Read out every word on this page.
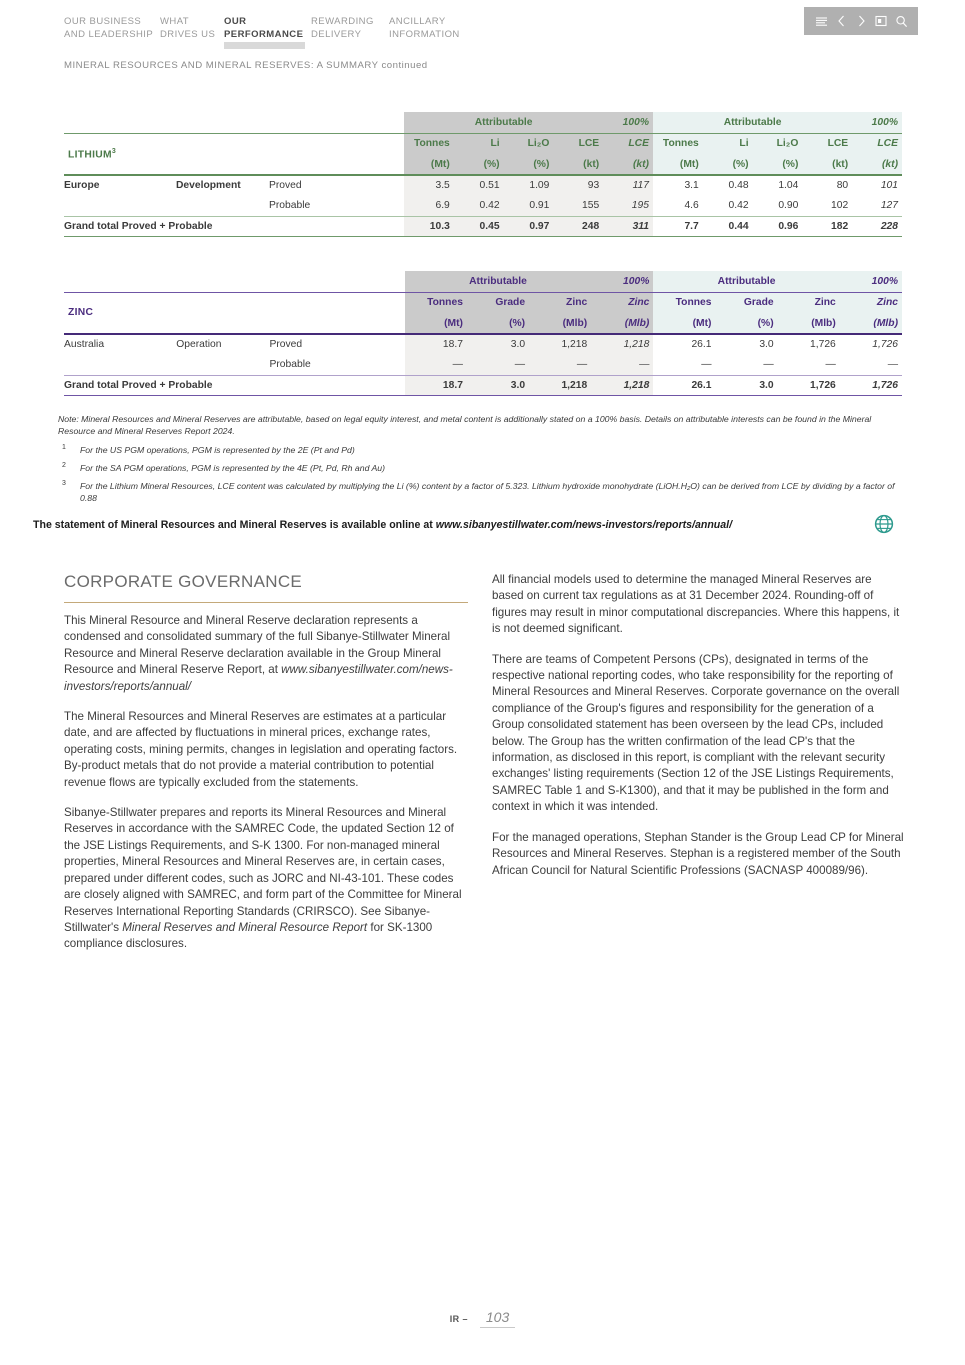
OUR BUSINESS
AND LEADERSHIP
WHAT
DRIVES US
OUR
PERFORMANCE
REWARDING
DELIVERY
ANCILLARY
INFORMATION
MINERAL RESOURCES AND MINERAL RESERVES: A SUMMARY continued
			Attributable				100%	Attributable				100%
LITHIUM$^3$			Tonnes	Li	Li₂O	LCE	LCE	Tonnes	Li	Li₂O	LCE	LCE
			(Mt)	(%)	(%)	(kt)	(kt)	(Mt)	(%)	(%)	(kt)	(kt)
Europe	Development	Proved	3.5	0.51	1.09	93	117	3.1	0.48	1.04	80	101
		Probable	6.9	0.42	0.91	155	195	4.6	0.42	0.90	102	127
Grand total Proved + Probable			10.3	0.45	0.97	248	311	7.7	0.44	0.96	182	228

			Attributable			100%	Attributable			100%
ZINC			Tonnes	Grade	Zinc	Zinc	Tonnes	Grade	Zinc	Zinc
			(Mt)	(%)	(Mlb)	(Mlb)	(Mt)	(%)	(Mlb)	(Mlb)
Australia	Operation	Proved	18.7	3.0	1,218	1,218	26.1	3.0	1,726	1,726
		Probable	—	—	—	—	—	—	—	—
Grand total Proved + Probable			18.7	3.0	1,218	1,218	26.1	3.0	1,726	1,726

Note: Mineral Resources and Mineral Reserves are attributable, based on legal equity interest, and metal content is additionally stated on a 100% basis. Details on attributable interests can be found in the Mineral Resource and Mineral Reserves Report 2024.
1 For the US PGM operations, PGM is represented by the 2E (Pt and Pd)
2 For the SA PGM operations, PGM is represented by the 4E (Pt, Pd, Rh and Au)
3 For the Lithium Mineral Resources, LCE content was calculated by multiplying the Li (%) content by a factor of 5.323. Lithium hydroxide monohydrate (LiOH.H₂O) can be derived from LCE by dividing by a factor of 0.88
The statement of Mineral Resources and Mineral Reserves is available online at www.sibanyestillwater.com/news-investors/reports/annual/
CORPORATE GOVERNANCE

This Mineral Resource and Mineral Reserve declaration represents a condensed and consolidated summary of the full Sibanye-Stillwater Mineral Resource and Mineral Reserve declaration available in the Group Mineral Resource and Mineral Reserve Report, at www.sibanyestillwater.com/news-investors/reports/annual/

The Mineral Resources and Mineral Reserves are estimates at a particular date, and are affected by fluctuations in mineral prices, exchange rates, operating costs, mining permits, changes in legislation and operating factors. By-product metals that do not provide a material contribution to potential revenue flows are typically excluded from the statements.

Sibanye-Stillwater prepares and reports its Mineral Resources and Mineral Reserves in accordance with the SAMREC Code, the updated Section 12 of the JSE Listings Requirements, and S-K 1300. For non-managed mineral properties, Mineral Resources and Mineral Reserves are, in certain cases, prepared under different codes, such as JORC and NI-43-101. These codes are closely aligned with SAMREC, and form part of the Committee for Mineral Reserves International Reporting Standards (CRIRSCO). See Sibanye-Stillwater's Mineral Reserves and Mineral Resource Report for SK-1300 compliance disclosures.

All financial models used to determine the managed Mineral Reserves are based on current tax regulations as at 31 December 2024. Rounding-off of figures may result in minor computational discrepancies. Where this happens, it is not deemed significant.

There are teams of Competent Persons (CPs), designated in terms of the respective national reporting codes, who take responsibility for the reporting of Mineral Resources and Mineral Reserves. Corporate governance on the overall compliance of the Group's figures and responsibility for the generation of a Group consolidated statement has been overseen by the lead CPs, included below. The Group has the written confirmation of the lead CP's that the information, as disclosed in this report, is compliant with the relevant security exchanges' listing requirements (Section 12 of the JSE Listings Requirements, SAMREC Table 1 and S-K1300), and that it may be published in the form and context in which it was intended.

For the managed operations, Stephan Stander is the Group Lead CP for Mineral Resources and Mineral Reserves. Stephan is a registered member of the South African Council for Natural Scientific Professions (SACNASP 400089/96).

IR –	103
